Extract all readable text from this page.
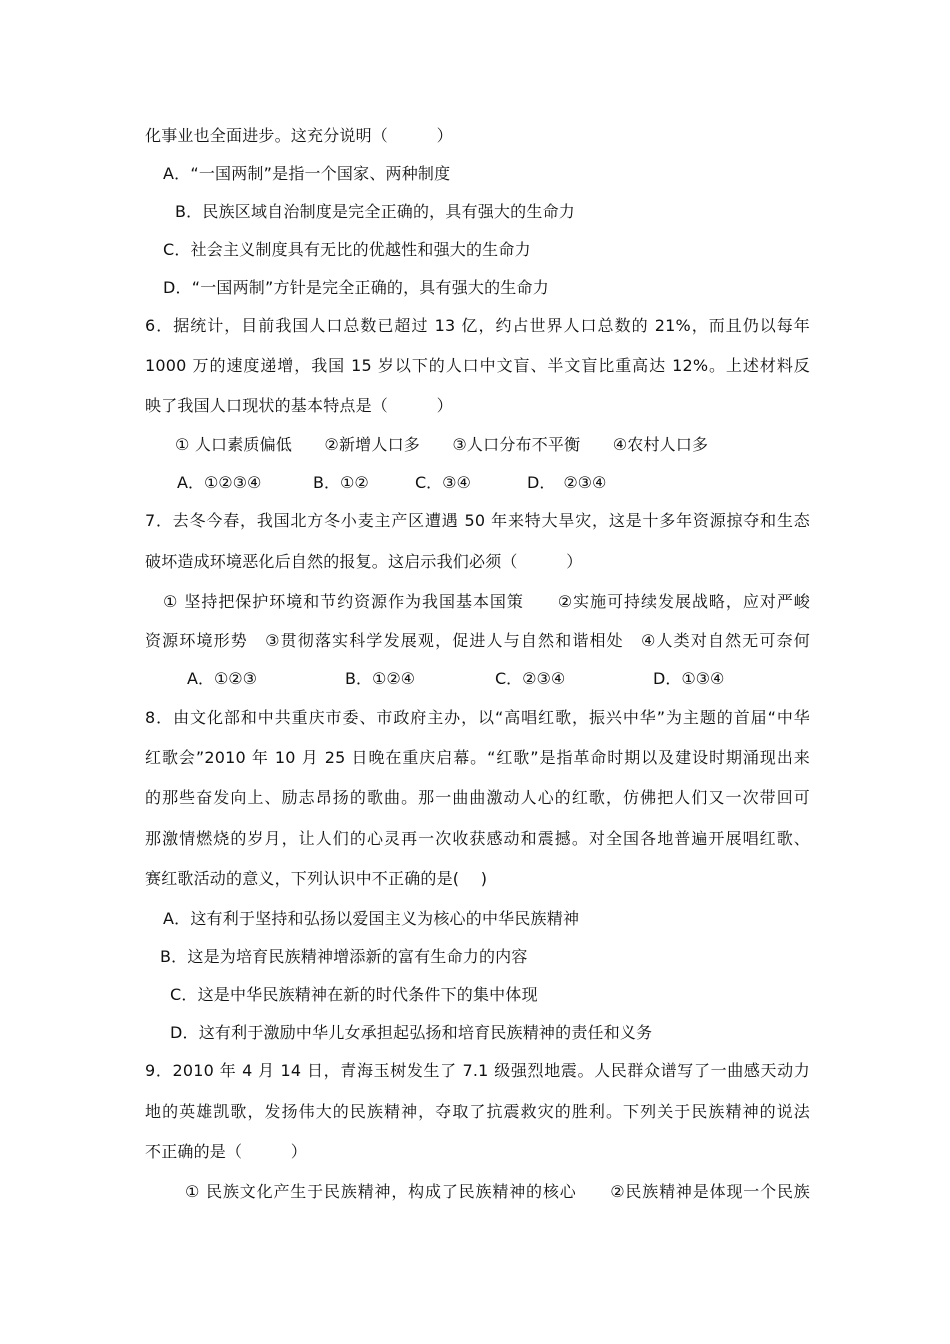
化事业也全面进步。这充分说明（　　　）
A．“一国两制”是指一个国家、两种制度
B．民族区域自治制度是完全正确的，具有强大的生命力
C．社会主义制度具有无比的优越性和强大的生命力
D．“一国两制”方针是完全正确的，具有强大的生命力
6．据统计，目前我国人口总数已超过 13 亿，约占世界人口总数的 21%，而且仍以每年
1000 万的速度递增，我国 15 岁以下的人口中文盲、半文盲比重高达 12%。上述材料反
映了我国人口现状的基本特点是（　　　）
① 人口素质偏低　　②新增人口多　　③人口分布不平衡　　④农村人口多
A．①②③④	B．①②	C．③④	D．　②③④
7．去冬今春，我国北方冬小麦主产区遭遇 50 年来特大旱灾，这是十多年资源掠夺和生态
破坏造成环境恶化后自然的报复。这启示我们必须（　　　）
① 坚持把保护环境和节约资源作为我国基本国策　　②实施可持续发展战略，应对严峻
资源环境形势　③贯彻落实科学发展观，促进人与自然和谐相处　④人类对自然无可奈何
A．①②③	B．①②④	C．②③④	D．①③④
8．由文化部和中共重庆市委、市政府主办，以“高唱红歌，振兴中华”为主题的首届“中华
红歌会”2010 年 10 月 25 日晚在重庆启幕。“红歌”是指革命时期以及建设时期涌现出来
的那些奋发向上、励志昂扬的歌曲。那一曲曲激动人心的红歌，仿佛把人们又一次带回可
那激情燃烧的岁月，让人们的心灵再一次收获感动和震撼。对全国各地普遍开展唱红歌、
赛红歌活动的意义，下列认识中不正确的是(　 )
A．这有利于坚持和弘扬以爱国主义为核心的中华民族精神
B．这是为培育民族精神增添新的富有生命力的内容
C．这是中华民族精神在新的时代条件下的集中体现
D．这有利于激励中华儿女承担起弘扬和培育民族精神的责任和义务
9．2010 年 4 月 14 日，青海玉树发生了 7.1 级强烈地震。人民群众谱写了一曲感天动力
地的英雄凯歌，发扬伟大的民族精神，夺取了抗震救灾的胜利。下列关于民族精神的说法
不正确的是（　　　）
① 民族文化产生于民族精神，构成了民族精神的核心　　②民族精神是体现一个民族
